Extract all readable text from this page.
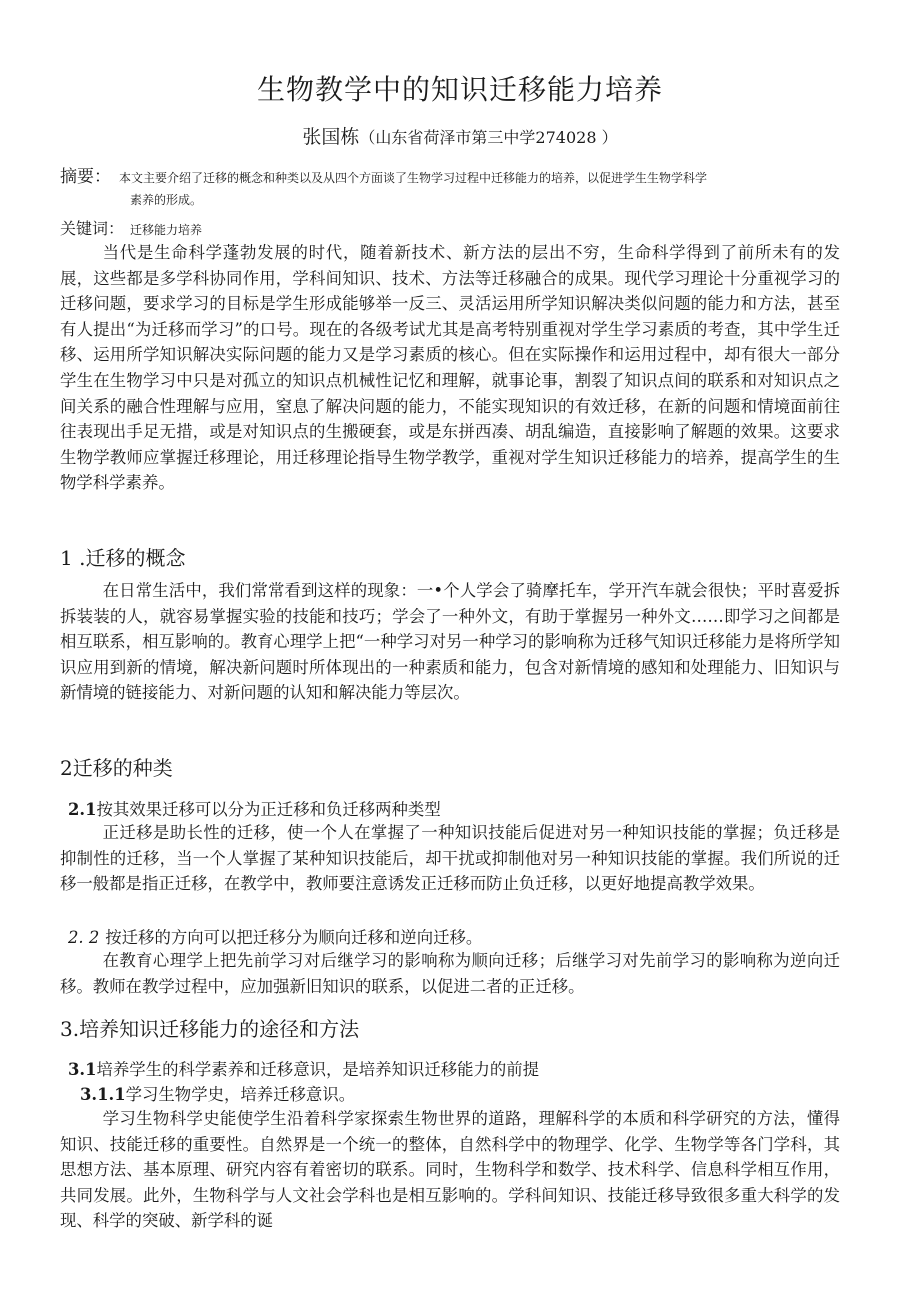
生物教学中的知识迁移能力培养
张国栋（山东省荷泽市第三中学274028 ）
摘要： 本文主要介绍了迁移的概念和种类以及从四个方面谈了生物学习过程中迁移能力的培养，以促进学生生物学科学
素养的形成。
关键词： 迁移能力培养

当代是生命科学蓬勃发展的时代，随着新技术、新方法的层出不穷，生命科学得到了前所未有的发展，这些都是多学科协同作用，学科间知识、技术、方法等迁移融合的成果。现代学习理论十分重视学习的迁移问题，要求学习的目标是学生形成能够举一反三、灵活运用所学知识解决类似问题的能力和方法，甚至有人提出“为迁移而学习”的口号。现在的各级考试尤其是高考特别重视对学生学习素质的考查，其中学生迁移、运用所学知识解决实际问题的能力又是学习素质的核心。但在实际操作和运用过程中，却有很大一部分学生在生物学习中只是对孤立的知识点机械性记忆和理解，就事论事，割裂了知识点间的联系和对知识点之间关系的融合性理解与应用，窒息了解决问题的能力，不能实现知识的有效迁移，在新的问题和情境面前往往表现出手足无措，或是对知识点的生搬硬套，或是东拼西凑、胡乱编造，直接影响了解题的效果。这要求生物学教师应掌握迁移理论，用迁移理论指导生物学教学，重视对学生知识迁移能力的培养，提高学生的生物学科学素养。

1 .迁移的概念

在日常生活中，我们常常看到这样的现象：一•个人学会了骑摩托车，学开汽车就会很快；平时喜爱拆拆装装的人，就容易掌握实验的技能和技巧；学会了一种外文，有助于掌握另一种外文……即学习之间都是相互联系，相互影响的。教育心理学上把“一种学习对另一种学习的影响称为迁移气知识迁移能力是将所学知识应用到新的情境，解决新问题时所体现出的一种素质和能力，包含对新情境的感知和处理能力、旧知识与新情境的链接能力、对新问题的认知和解决能力等层次。

2迁移的种类
2.1按其效果迁移可以分为正迁移和负迁移两种类型

正迁移是助长性的迁移，使一个人在掌握了一种知识技能后促进对另一种知识技能的掌握；负迁移是抑制性的迁移，当一个人掌握了某种知识技能后，却干扰或抑制他对另一种知识技能的掌握。我们所说的迁移一般都是指正迁移，在教学中，教师要注意诱发正迁移而防止负迁移，以更好地提高教学效果。

2. 2 按迁移的方向可以把迁移分为顺向迁移和逆向迁移。

在教育心理学上把先前学习对后继学习的影响称为顺向迁移；后继学习对先前学习的影响称为逆向迁移。教师在教学过程中，应加强新旧知识的联系，以促进二者的正迁移。

3.培养知识迁移能力的途径和方法
3.1培养学生的科学素养和迁移意识，是培养知识迁移能力的前提
3.1.1学习生物学史，培养迁移意识。

学习生物科学史能使学生沿着科学家探索生物世界的道路，理解科学的本质和科学研究的方法，懂得知识、技能迁移的重要性。自然界是一个统一的整体，自然科学中的物理学、化学、生物学等各门学科，其思想方法、基本原理、研究内容有着密切的联系。同时，生物科学和数学、技术科学、信息科学相互作用，共同发展。此外，生物科学与人文社会学科也是相互影响的。学科间知识、技能迁移导致很多重大科学的发现、科学的突破、新学科的诞
